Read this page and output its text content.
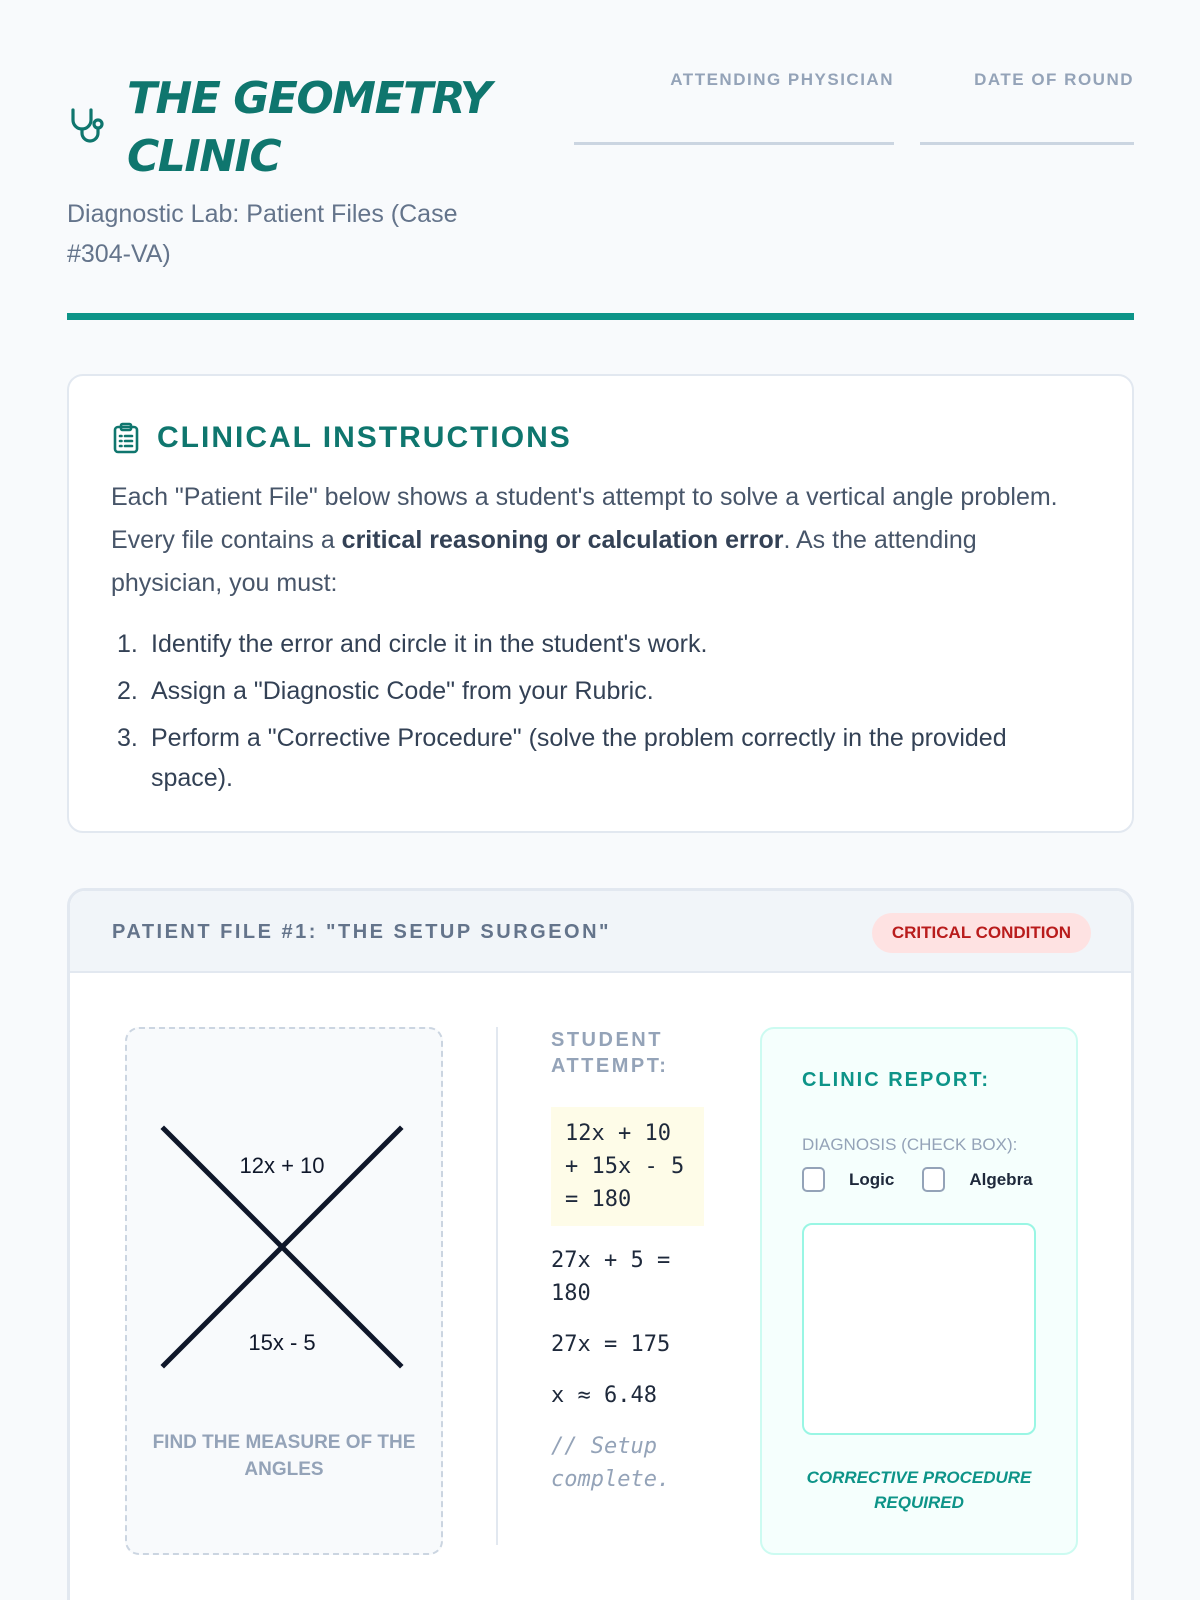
THE GEOMETRY CLINIC
Diagnostic Lab: Patient Files (Case #304-VA)
ATTENDING PHYSICIAN	DATE OF ROUND
CLINICAL INSTRUCTIONS

Each "Patient File" below shows a student's attempt to solve a vertical angle problem. Every file contains a critical reasoning or calculation error. As the attending physician, you must:

1. Identify the error and circle it in the student's work.
2. Assign a "Diagnostic Code" from your Rubric.
3. Perform a "Corrective Procedure" (solve the problem correctly in the provided space).
PATIENT FILE #1: "THE SETUP SURGEON"	CRITICAL CONDITION
12x + 10
15x - 5
FIND THE MEASURE OF THE ANGLES
STUDENT ATTEMPT:
12x + 10 + 15x - 5 = 180
27x + 5 = 180
27x = 175
x ≈ 6.48
// Setup complete.
CLINIC REPORT:
DIAGNOSIS (CHECK BOX):
Logic	Algebra
CORRECTIVE PROCEDURE REQUIRED
